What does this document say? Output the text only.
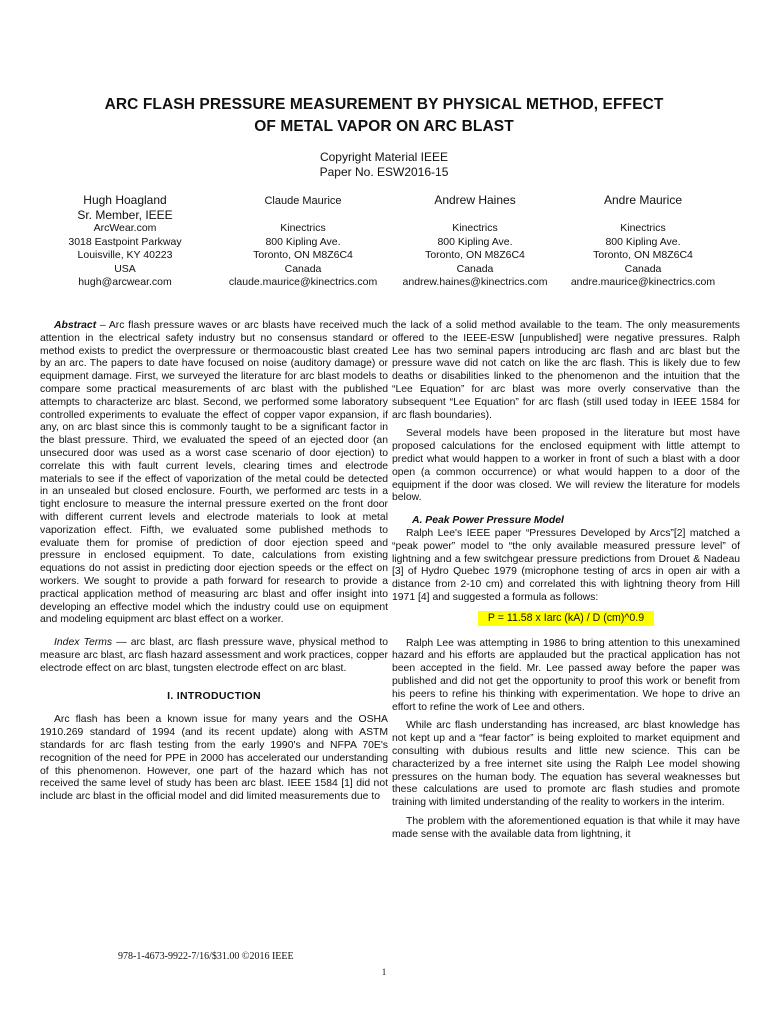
ARC FLASH PRESSURE MEASUREMENT BY PHYSICAL METHOD, EFFECT
OF METAL VAPOR ON ARC BLAST
Copyright Material IEEE
Paper No. ESW2016-15
Hugh Hoagland
Sr. Member, IEEE
ArcWear.com
3018 Eastpoint Parkway
Louisville, KY 40223
USA
hugh@arcwear.com
Claude Maurice
Kinectrics
800 Kipling Ave.
Toronto, ON M8Z6C4
Canada
claude.maurice@kinectrics.com
Andrew Haines
Kinectrics
800 Kipling Ave.
Toronto, ON M8Z6C4
Canada
andrew.haines@kinectrics.com
Andre Maurice
Kinectrics
800 Kipling Ave.
Toronto, ON M8Z6C4
Canada
andre.maurice@kinectrics.com

Abstract – Arc flash pressure waves or arc blasts have received much attention in the electrical safety industry but no consensus standard or method exists to predict the overpressure or thermoacoustic blast created by an arc. The papers to date have focused on noise (auditory damage) or equipment damage. First, we surveyed the literature for arc blast models to compare some practical measurements of arc blast with the published attempts to characterize arc blast. Second, we performed some laboratory controlled experiments to evaluate the effect of copper vapor expansion, if any, on arc blast since this is commonly taught to be a significant factor in the blast pressure. Third, we evaluated the speed of an ejected door (an unsecured door was used as a worst case scenario of door ejection) to correlate this with fault current levels, clearing times and electrode materials to see if the effect of vaporization of the metal could be detected in an unsealed but closed enclosure. Fourth, we performed arc tests in a tight enclosure to measure the internal pressure exerted on the front door with different current levels and electrode materials to look at metal vaporization effect. Fifth, we evaluated some published methods to evaluate them for promise of prediction of door ejection speed and pressure in enclosed equipment. To date, calculations from existing equations do not assist in predicting door ejection speeds or the effect on workers. We sought to provide a path forward for research to provide a practical application method of measuring arc blast and offer insight into developing an effective model which the industry could use on equipment and modeling equipment arc blast effect on a worker.

Index Terms — arc blast, arc flash pressure wave, physical method to measure arc blast, arc flash hazard assessment and work practices, copper electrode effect on arc blast, tungsten electrode effect on arc blast.

I. INTRODUCTION

Arc flash has been a known issue for many years and the OSHA 1910.269 standard of 1994 (and its recent update) along with ASTM standards for arc flash testing from the early 1990's and NFPA 70E's recognition of the need for PPE in 2000 has accelerated our understanding of this phenomenon. However, one part of the hazard which has not received the same level of study has been arc blast. IEEE 1584 [1] did not include arc blast in the official model and did limited measurements due to

the lack of a solid method available to the team. The only measurements offered to the IEEE-ESW [unpublished] were negative pressures. Ralph Lee has two seminal papers introducing arc flash and arc blast but the pressure wave did not catch on like the arc flash. This is likely due to few deaths or disabilities linked to the phenomenon and the intuition that the “Lee Equation” for arc blast was more overly conservative than the subsequent “Lee Equation” for arc flash (still used today in IEEE 1584 for arc flash boundaries).

Several models have been proposed in the literature but most have proposed calculations for the enclosed equipment with little attempt to predict what would happen to a worker in front of such a blast with a door open (a common occurrence) or what would happen to a door of the equipment if the door was closed. We will review the literature for models below.

A. Peak Power Pressure Model

Ralph Lee's IEEE paper “Pressures Developed by Arcs”[2] matched a “peak power” model to “the only available measured pressure level” of lightning and a few switchgear pressure predictions from Drouet & Nadeau [3] of Hydro Quebec 1979 (microphone testing of arcs in open air with a distance from 2-10 cm) and correlated this with lightning theory from Hill 1971 [4] and suggested a formula as follows:

P = 11.58 x Iarc (kA) / D (cm)^0.9

Ralph Lee was attempting in 1986 to bring attention to this unexamined hazard and his efforts are applauded but the practical application has not been accepted in the field. Mr. Lee passed away before the paper was published and did not get the opportunity to proof this work or benefit from his peers to refine his thinking with experimentation. We hope to drive an effort to refine the work of Lee and others.

While arc flash understanding has increased, arc blast knowledge has not kept up and a “fear factor” is being exploited to market equipment and consulting with dubious results and little new science. This can be characterized by a free internet site using the Ralph Lee model showing pressures on the human body. The equation has several weaknesses but these calculations are used to promote arc flash studies and promote training with limited understanding of the reality to workers in the interim.

The problem with the aforementioned equation is that while it may have made sense with the available data from lightning, it

978-1-4673-9922-7/16/$31.00 ©2016 IEEE
1
